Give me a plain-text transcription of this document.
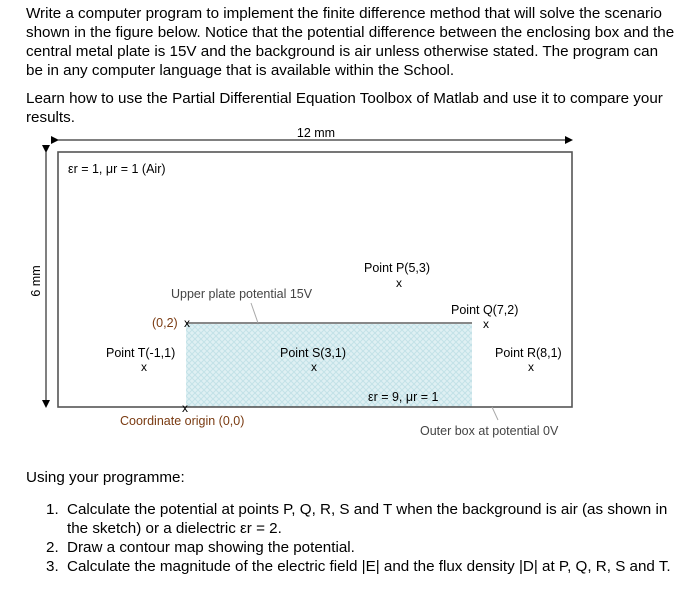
Write a computer program to implement the finite difference method that will solve the scenario shown in the figure below. Notice that the potential difference between the enclosing box and the central metal plate is 15V and the background is air unless otherwise stated. The program can be in any computer language that is available within the School.

Learn how to use the Partial Differential Equation Toolbox of Matlab and use it to compare your results.

12 mm
6 mm
εr = 1, μr = 1 (Air)
Upper plate potential 15V
(0,2) x
Point P(5,3)
x
Point Q(7,2)
x
Point T(-1,1)
x
Point S(3,1)
x
Point R(8,1)
x
εr = 9, μr = 1
x
Coordinate origin (0,0)
Outer box at potential 0V
Using your programme:
1. Calculate the potential at points P, Q, R, S and T when the background is air (as shown in the sketch) or a dielectric εr = 2.
2. Draw a contour map showing the potential.
3. Calculate the magnitude of the electric field |E| and the flux density |D| at P, Q, R, S and T.
